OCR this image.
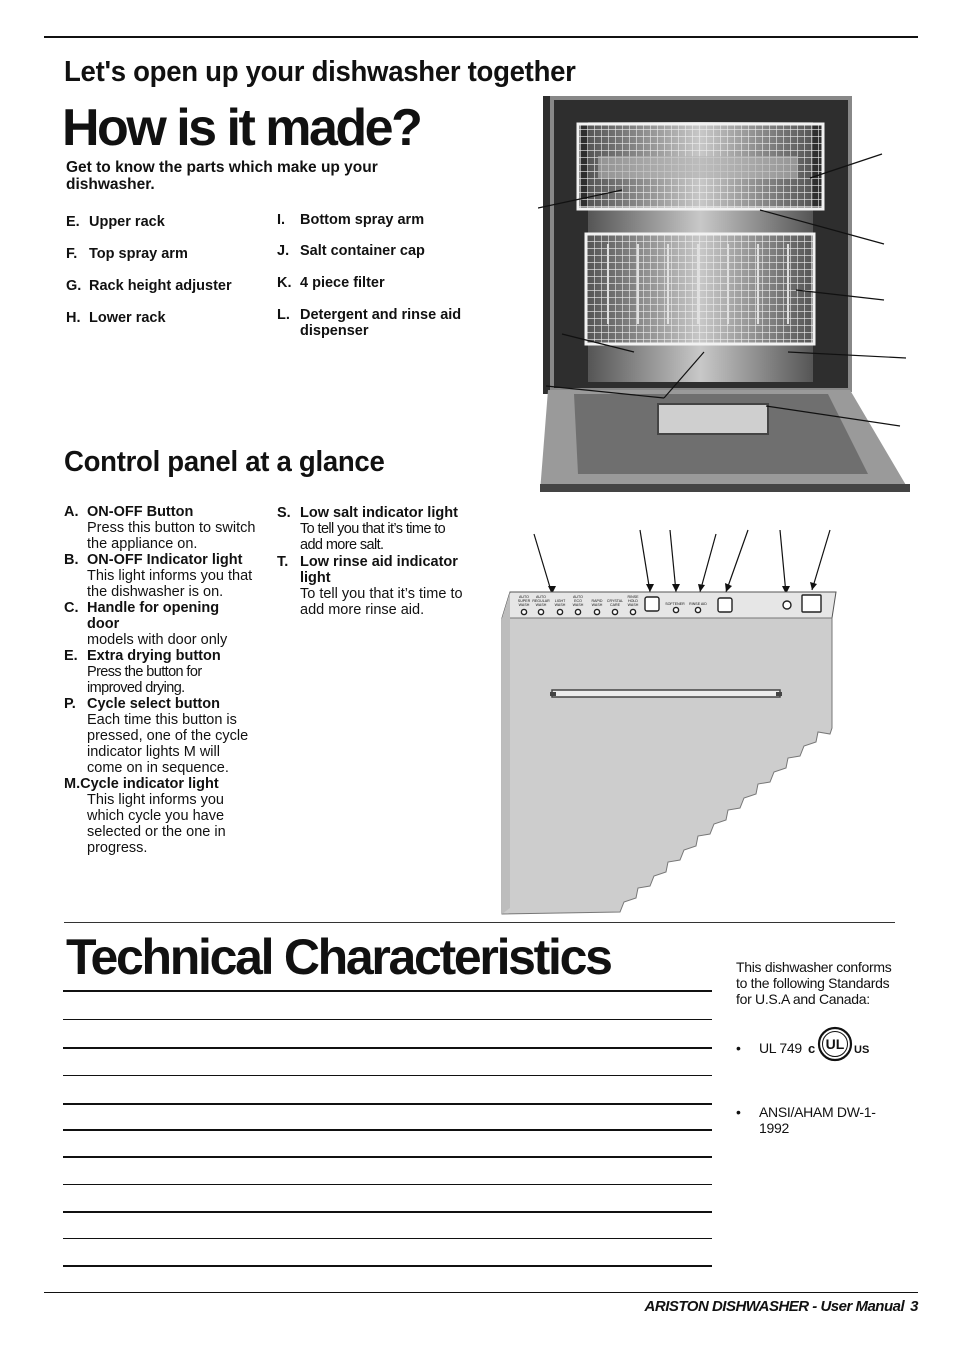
Let's open up your dishwasher together
How is it made?
Get to know the parts which make up your dishwasher.
E. Upper rack
F. Top spray arm
G. Rack height adjuster
H. Lower rack
I.	Bottom spray arm
J. Salt container cap
K. 4 piece filter
L. Detergent and rinse aid dispenser
Control panel at a glance
A. ON-OFF Button
Press this button to switch the appliance on.
B. ON-OFF Indicator light
This light informs you that the dishwasher is on.
C. Handle for opening door
models with door only
E. Extra drying button
Press the button for improved drying.
P. Cycle select button
Each time this button is pressed, one of the cycle indicator lights M will come on in sequence.
M. Cycle indicator light
This light informs you which cycle you have selected or the one in progress.
S. Low salt indicator light
To tell you that it’s time to add more salt.
T. Low rinse aid indicator light
To tell you that it’s time to add more rinse aid.
AUTO
SUPER
WASH
AUTO
REGULAR
WASH
LIGHT
WASH
AUTO
ECO
WASH
RAPID
WASH
CRYSTAL
CARE
RINSE
HOLD
WASH	SOFTENER	RINSE AID
Technical Characteristics	This dishwasher conforms to the following Standards for U.S.A and Canada:
•	UL 749 c UL US
•	ANSI/AHAM DW-1-1992
ARISTON DISHWASHER - User Manual 3
